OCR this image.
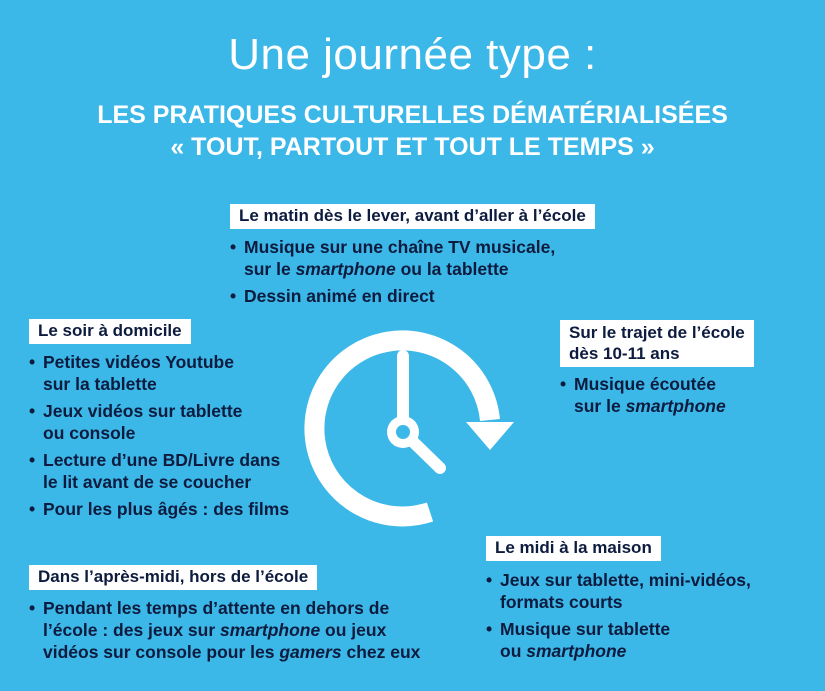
Une journée type :
LES PRATIQUES CULTURELLES DÉMATÉRIALISÉES
« TOUT, PARTOUT ET TOUT LE TEMPS »
Le matin dès le lever, avant d’aller à l’école
• Musique sur une chaîne TV musicale,
sur le smartphone ou la tablette
• Dessin animé en direct
Le soir à domicile
• Petites vidéos Youtube
sur la tablette
• Jeux vidéos sur tablette
ou console
• Lecture d’une BD/Livre dans
le lit avant de se coucher
• Pour les plus âgés : des films
Sur le trajet de l’école
dès 10-11 ans
• Musique écoutée
sur le smartphone
Le midi à la maison
• Jeux sur tablette, mini-vidéos,
formats courts
• Musique sur tablette
ou smartphone
Dans l’après-midi, hors de l’école
• Pendant les temps d’attente en dehors de
l’école : des jeux sur smartphone ou jeux
vidéos sur console pour les gamers chez eux
